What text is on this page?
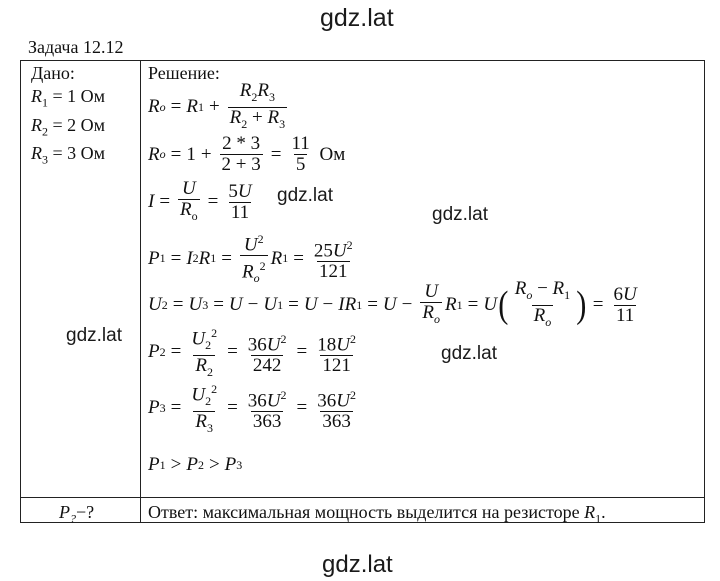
gdz.lat
gdz.lat
gdz.lat
gdz.lat
gdz.lat
gdz.lat
Задача 12.12
Дано:
$R_1 = 1$ Ом
$R_2 = 2$ Ом
$R_3 = 3$ Ом
Решение:
R o = R $1 + \frac{R_2R_3}{R_2 + R_3}$
R $o = 1 + \frac{2 * 3}{2 + 3} = \frac{11}{5}$ Ом
$I = \frac{U}{R_o} = \frac{5U}{11}$
P 1 = I 2 R $1 = \frac{U^2}{R_o^2}$ R $1 = \frac{25U^2}{121}$
U 2 = U 3 = U − U 1 = U − IR $1 = U - \frac{U}{R_o}$ R 1 = U ( $\frac{R_o - R_1}{R_o}$ ) = $\frac{6U}{11}$
P $2 = \frac{U_2^2}{R_2} = \frac{36U^2}{242} = \frac{18U^2}{121}$
P $3 = \frac{U_2^2}{R_3} = \frac{36U^2}{363} = \frac{36U^2}{363}$
P 1 > P 2 > P 3
$P_?-$?	Ответ: максимальная мощность выделится на резисторе $R_1$.
